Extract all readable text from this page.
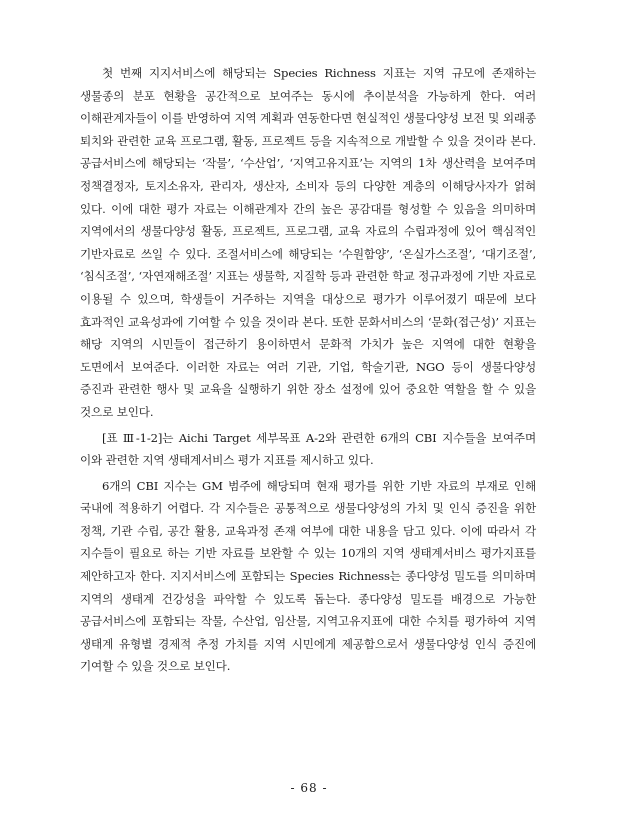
첫 번째 지지서비스에 해당되는 Species Richness 지표는 지역 규모에 존재하는 생물종의 분포 현황을 공간적으로 보여주는 동시에 추이분석을 가능하게 한다. 여러 이해관계자들이 이를 반영하여 지역 계획과 연동한다면 현실적인 생물다양성 보전 및 외래종 퇴치와 관련한 교육 프로그램, 활동, 프로젝트 등을 지속적으로 개발할 수 있을 것이라 본다. 공급서비스에 해당되는 ‘작물’, ‘수산업’, ‘지역고유지표’는 지역의 1차 생산력을 보여주며 정책결정자, 토지소유자, 관리자, 생산자, 소비자 등의 다양한 계층의 이해당사자가 얽혀 있다. 이에 대한 평가 자료는 이해관계자 간의 높은 공감대를 형성할 수 있음을 의미하며 지역에서의 생물다양성 활동, 프로젝트, 프로그램, 교육 자료의 수립과정에 있어 핵심적인 기반자료로 쓰일 수 있다. 조절서비스에 해당되는 ‘수원함양’, ‘온실가스조절’, ‘대기조절’, ‘침식조절’, ‘자연재해조절’ 지표는 생물학, 지질학 등과 관련한 학교 정규과정에 기반 자료로 이용될 수 있으며, 학생들이 거주하는 지역을 대상으로 평가가 이루어졌기 때문에 보다 효과적인 교육성과에 기여할 수 있을 것이라 본다. 또한 문화서비스의 ‘문화(접근성)’ 지표는 해당 지역의 시민들이 접근하기 용이하면서 문화적 가치가 높은 지역에 대한 현황을 도면에서 보여준다. 이러한 자료는 여러 기관, 기업, 학술기관, NGO 등이 생물다양성 증진과 관련한 행사 및 교육을 실행하기 위한 장소 설정에 있어 중요한 역할을 할 수 있을 것으로 보인다.

[표 Ⅲ-1-2]는 Aichi Target 세부목표 A-2와 관련한 6개의 CBI 지수들을 보여주며 이와 관련한 지역 생태계서비스 평가 지표를 제시하고 있다.

6개의 CBI 지수는 GM 범주에 해당되며 현재 평가를 위한 기반 자료의 부재로 인해 국내에 적용하기 어렵다. 각 지수들은 공통적으로 생물다양성의 가치 및 인식 증진을 위한 정책, 기관 수립, 공간 활용, 교육과정 존재 여부에 대한 내용을 담고 있다. 이에 따라서 각 지수들이 필요로 하는 기반 자료를 보완할 수 있는 10개의 지역 생태계서비스 평가지표를 제안하고자 한다. 지지서비스에 포함되는 Species Richness는 종다양성 밀도를 의미하며 지역의 생태계 건강성을 파악할 수 있도록 돕는다. 종다양성 밀도를 배경으로 가능한 공급서비스에 포함되는 작물, 수산업, 임산물, 지역고유지표에 대한 수치를 평가하여 지역 생태계 유형별 경제적 추정 가치를 지역 시민에게 제공함으로서 생물다양성 인식 증진에 기여할 수 있을 것으로 보인다.

- 68 -
